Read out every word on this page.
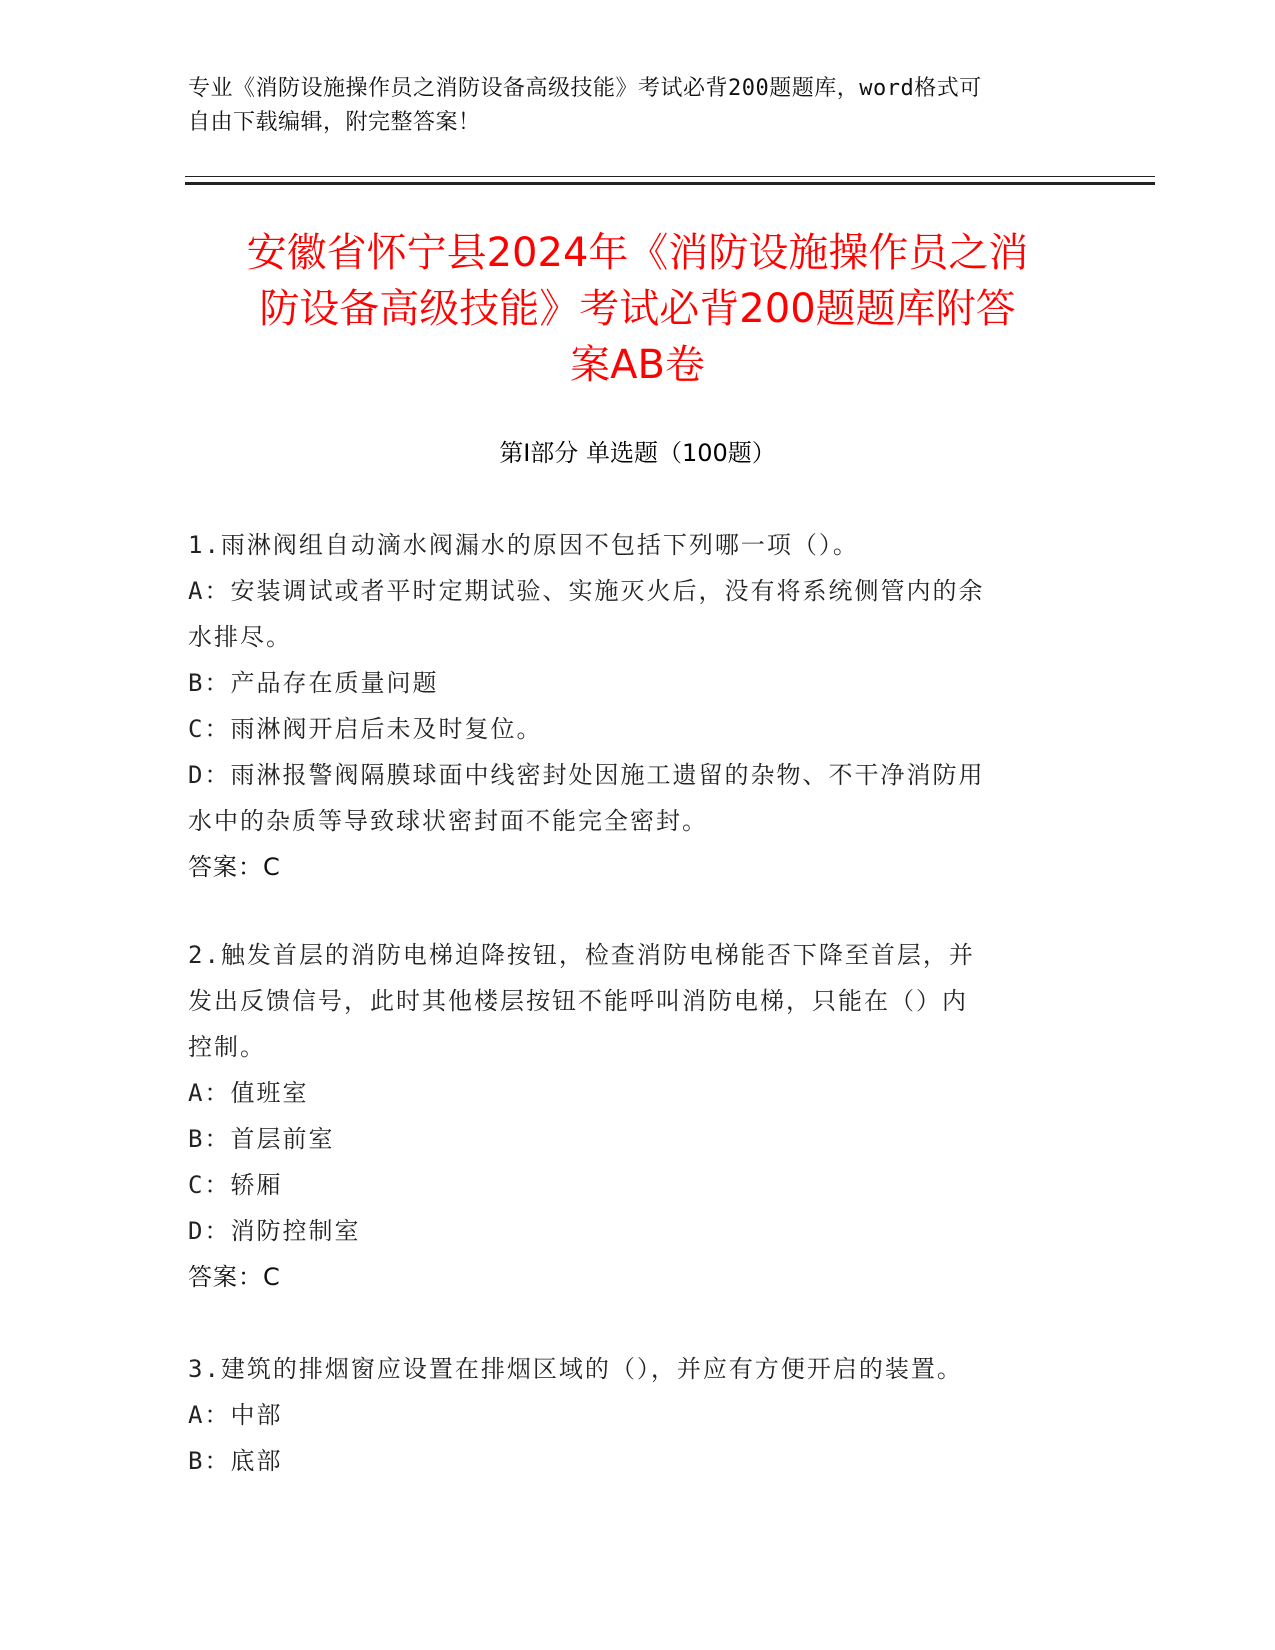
专业《消防设施操作员之消防设备高级技能》考试必背200题题库，word格式可
自由下载编辑，附完整答案！
安徽省怀宁县2024年《消防设施操作员之消
防设备高级技能》考试必背200题题库附答
案AB卷
第Ⅰ部分 单选题（100题）
1.雨淋阀组自动滴水阀漏水的原因不包括下列哪一项（）。
A：安装调试或者平时定期试验、实施灭火后，没有将系统侧管内的余
水排尽。
B：产品存在质量问题
C：雨淋阀开启后未及时复位。
D：雨淋报警阀隔膜球面中线密封处因施工遗留的杂物、不干净消防用
水中的杂质等导致球状密封面不能完全密封。
答案：C
2.触发首层的消防电梯迫降按钮，检查消防电梯能否下降至首层，并
发出反馈信号，此时其他楼层按钮不能呼叫消防电梯，只能在（）内
控制。
A：值班室
B：首层前室
C：轿厢
D：消防控制室
答案：C
3.建筑的排烟窗应设置在排烟区域的（），并应有方便开启的装置。
A：中部
B：底部
